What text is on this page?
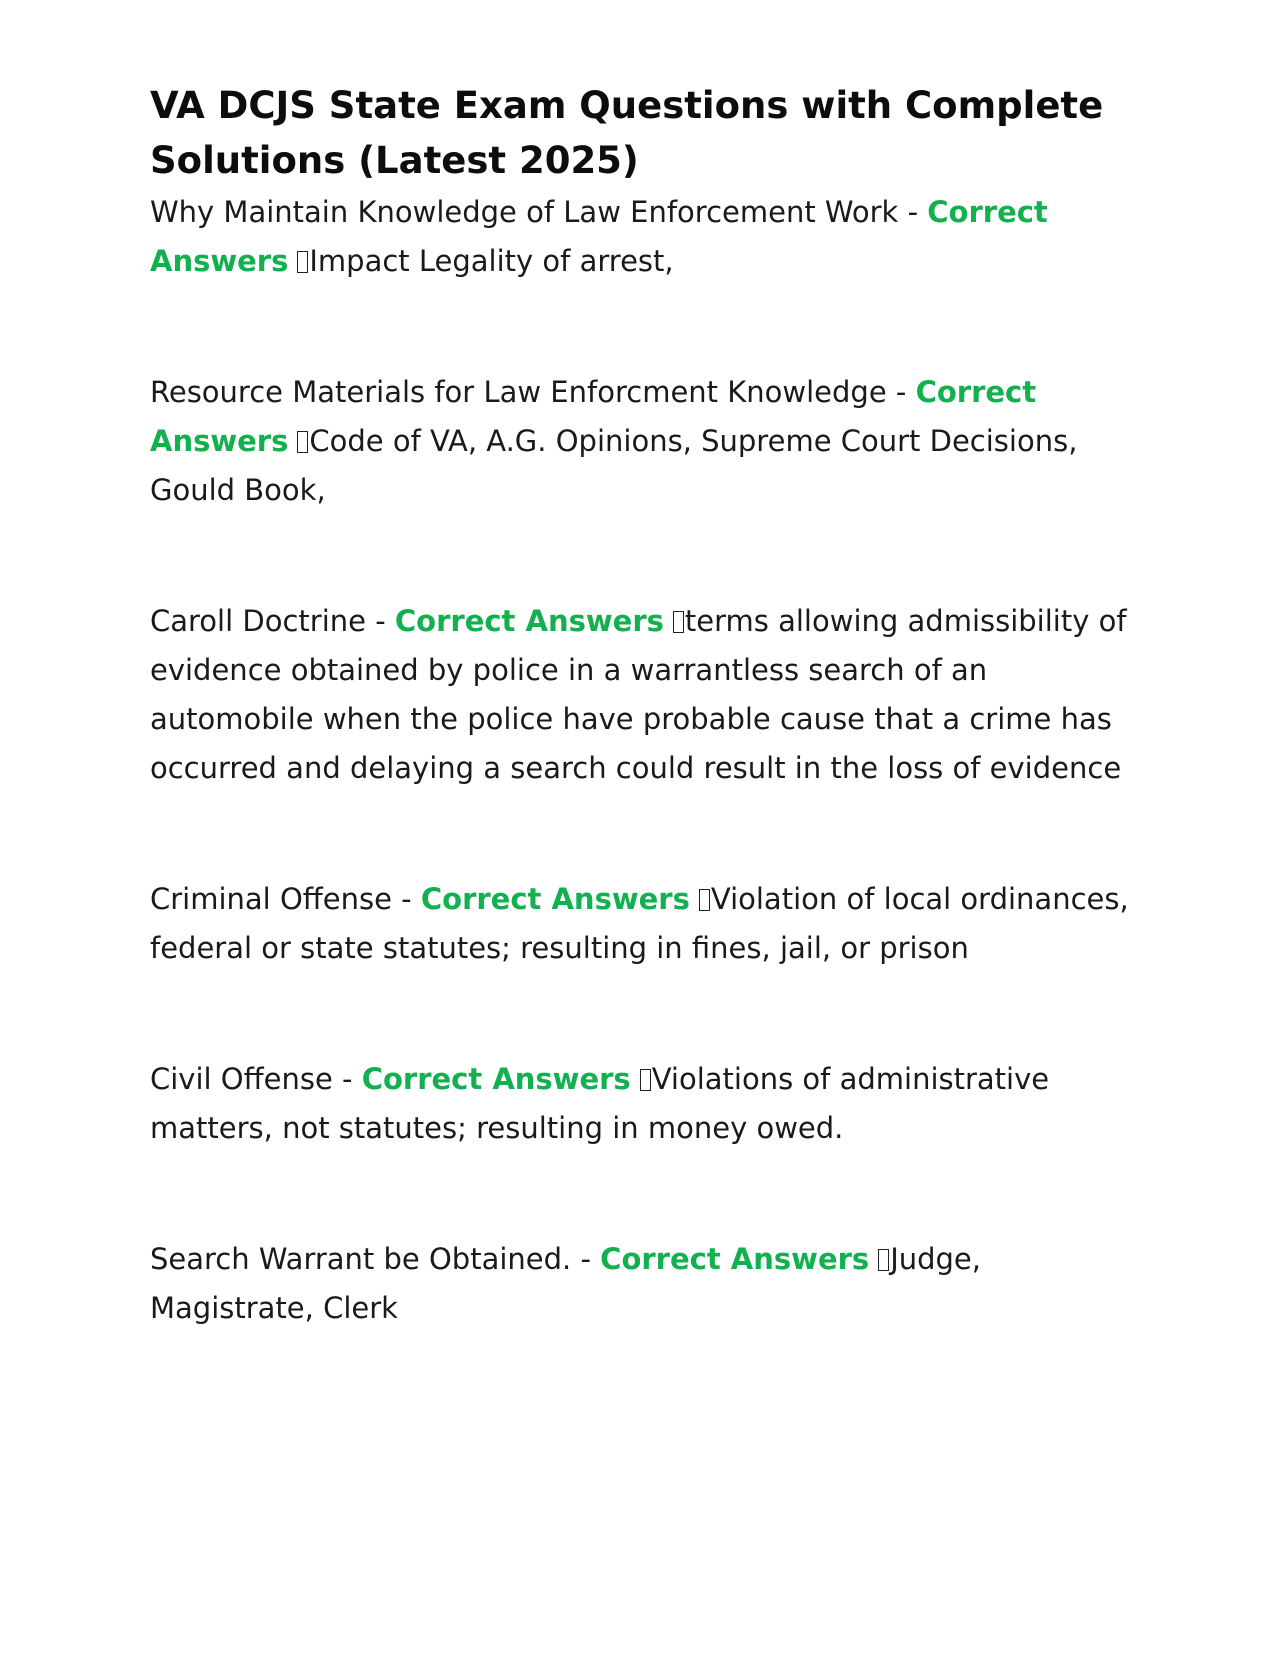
VA DCJS State Exam Questions with Complete Solutions (Latest 2025)

Why Maintain Knowledge of Law Enforcement Work - Correct Answers Impact Legality of arrest,

Resource Materials for Law Enforcment Knowledge - Correct Answers Code of VA, A.G. Opinions, Supreme Court Decisions, Gould Book,

Caroll Doctrine - Correct Answers terms allowing admissibility of evidence obtained by police in a warrantless search of an automobile when the police have probable cause that a crime has occurred and delaying a search could result in the loss of evidence

Criminal Offense - Correct Answers Violation of local ordinances, federal or state statutes; resulting in fines, jail, or prison

Civil Offense - Correct Answers Violations of administrative matters, not statutes; resulting in money owed.

Search Warrant be Obtained. - Correct Answers Judge, Magistrate, Clerk
